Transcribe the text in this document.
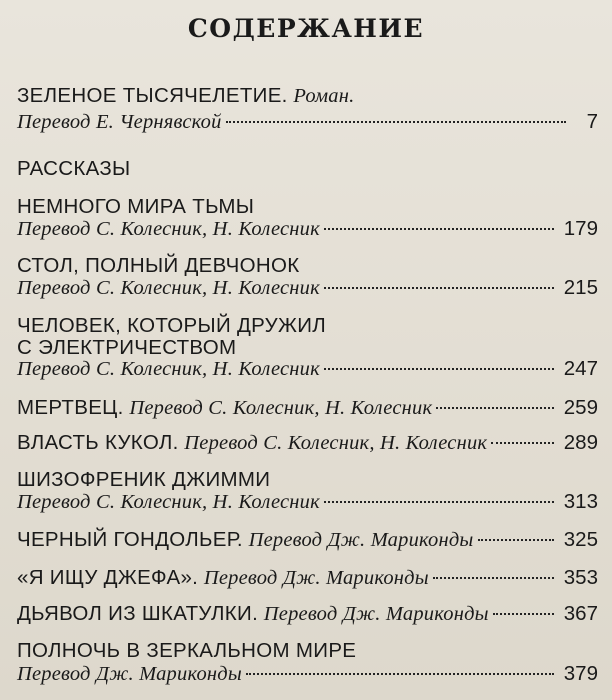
СОДЕРЖАНИЕ
ЗЕЛЕНОЕ ТЫСЯЧЕЛЕТИЕ. Роман.
Перевод Е. Чернявской	7
РАССКАЗЫ
НЕМНОГО МИРА ТЬМЫ
Перевод С. Колесник, Н. Колесник	179
СТОЛ, ПОЛНЫЙ ДЕВЧОНОК
Перевод С. Колесник, Н. Колесник	215
ЧЕЛОВЕК, КОТОРЫЙ ДРУЖИЛ
С ЭЛЕКТРИЧЕСТВОМ
Перевод С. Колесник, Н. Колесник	247
МЕРТВЕЦ. Перевод С. Колесник, Н. Колесник	259
ВЛАСТЬ КУКОЛ. Перевод С. Колесник, Н. Колесник	289
ШИЗОФРЕНИК ДЖИММИ
Перевод С. Колесник, Н. Колесник	313
ЧЕРНЫЙ ГОНДОЛЬЕР. Перевод Дж. Мариконды	325
«Я ИЩУ ДЖЕФА». Перевод Дж. Мариконды	353
ДЬЯВОЛ ИЗ ШКАТУЛКИ. Перевод Дж. Мариконды	367
ПОЛНОЧЬ В ЗЕРКАЛЬНОМ МИРЕ
Перевод Дж. Мариконды	379
